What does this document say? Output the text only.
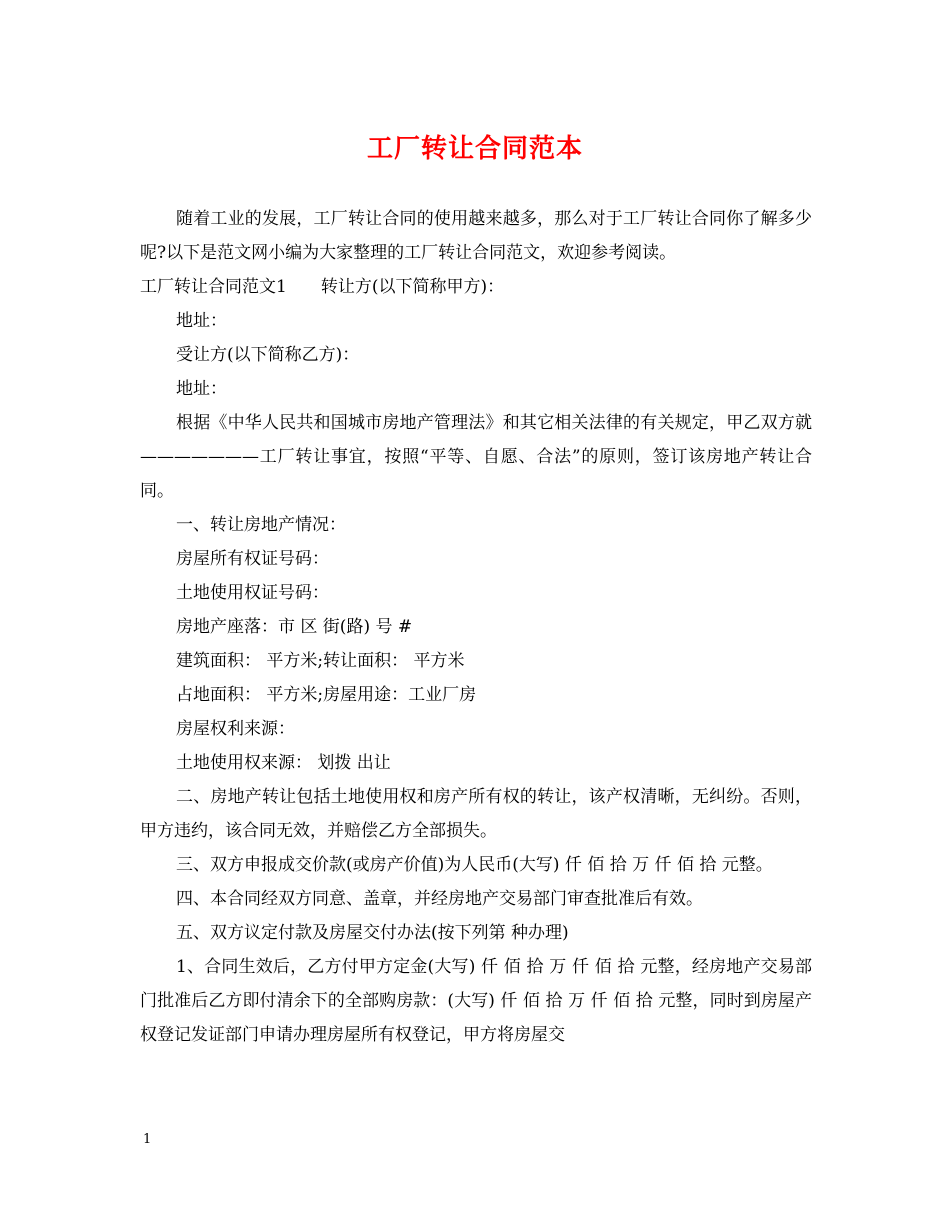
工厂转让合同范本

随着工业的发展，工厂转让合同的使用越来越多，那么对于工厂转让合同你了解多少呢?以下是范文网小编为大家整理的工厂转让合同范文，欢迎参考阅读。

工厂转让合同范文1　　转让方(以下简称甲方)：

地址：

受让方(以下简称乙方)：

地址：

根据《中华人民共和国城市房地产管理法》和其它相关法律的有关规定，甲乙双方就———————工厂转让事宜，按照“平等、自愿、合法”的原则，签订该房地产转让合同。

一、转让房地产情况：

房屋所有权证号码：

土地使用权证号码：

房地产座落：市 区 街(路) 号 #

建筑面积： 平方米;转让面积： 平方米

占地面积： 平方米;房屋用途：工业厂房

房屋权利来源：

土地使用权来源： 划拨 出让

二、房地产转让包括土地使用权和房产所有权的转让，该产权清晰，无纠纷。否则，甲方违约，该合同无效，并赔偿乙方全部损失。

三、双方申报成交价款(或房产价值)为人民币(大写) 仟 佰 拾 万 仟 佰 拾 元整。

四、本合同经双方同意、盖章，并经房地产交易部门审查批准后有效。

五、双方议定付款及房屋交付办法(按下列第 种办理)

1、合同生效后，乙方付甲方定金(大写) 仟 佰 拾 万 仟 佰 拾 元整，经房地产交易部门批准后乙方即付清余下的全部购房款：(大写) 仟 佰 拾 万 仟 佰 拾 元整，同时到房屋产权登记发证部门申请办理房屋所有权登记，甲方将房屋交

1
